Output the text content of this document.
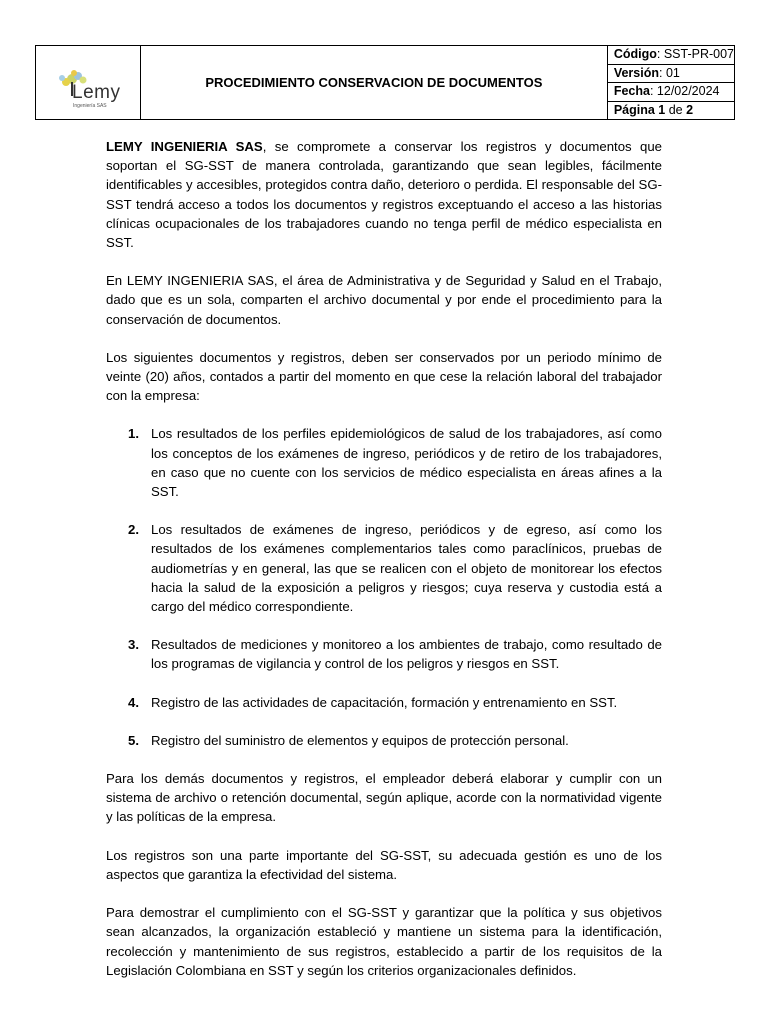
Lemy
Ingeniería SAS
PROCEDIMIENTO CONSERVACION DE DOCUMENTOS
Código: SST-PR-007
Versión: 01
Fecha: 12/02/2024
Página 1 de 2

LEMY INGENIERIA SAS, se compromete a conservar los registros y documentos que soportan el SG-SST de manera controlada, garantizando que sean legibles, fácilmente identificables y accesibles, protegidos contra daño, deterioro o perdida. El responsable del SG-SST tendrá acceso a todos los documentos y registros exceptuando el acceso a las historias clínicas ocupacionales de los trabajadores cuando no tenga perfil de médico especialista en SST.

En LEMY INGENIERIA SAS, el área de Administrativa y de Seguridad y Salud en el Trabajo, dado que es un sola, comparten el archivo documental y por ende el procedimiento para la conservación de documentos.

Los siguientes documentos y registros, deben ser conservados por un periodo mínimo de veinte (20) años, contados a partir del momento en que cese la relación laboral del trabajador con la empresa:

1. Los resultados de los perfiles epidemiológicos de salud de los trabajadores, así como los conceptos de los exámenes de ingreso, periódicos y de retiro de los trabajadores, en caso que no cuente con los servicios de médico especialista en áreas afines a la SST.
2. Los resultados de exámenes de ingreso, periódicos y de egreso, así como los resultados de los exámenes complementarios tales como paraclínicos, pruebas de audiometrías y en general, las que se realicen con el objeto de monitorear los efectos hacia la salud de la exposición a peligros y riesgos; cuya reserva y custodia está a cargo del médico correspondiente.
3. Resultados de mediciones y monitoreo a los ambientes de trabajo, como resultado de los programas de vigilancia y control de los peligros y riesgos en SST.
4. Registro de las actividades de capacitación, formación y entrenamiento en SST.
5. Registro del suministro de elementos y equipos de protección personal.

Para los demás documentos y registros, el empleador deberá elaborar y cumplir con un sistema de archivo o retención documental, según aplique, acorde con la normatividad vigente y las políticas de la empresa.

Los registros son una parte importante del SG-SST, su adecuada gestión es uno de los aspectos que garantiza la efectividad del sistema.

Para demostrar el cumplimiento con el SG-SST y garantizar que la política y sus objetivos sean alcanzados, la organización estableció y mantiene un sistema para la identificación, recolección y mantenimiento de sus registros, establecido a partir de los requisitos de la Legislación Colombiana en SST y según los criterios organizacionales definidos.
